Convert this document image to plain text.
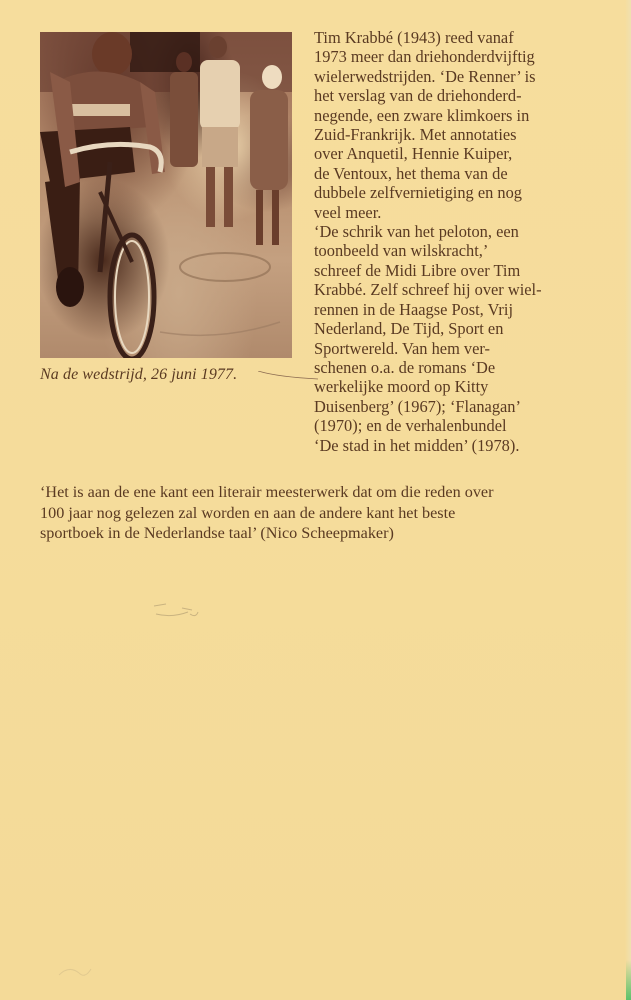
Na de wedstrijd, 26 juni 1977.
Tim Krabbé (1943) reed vanaf
1973 meer dan driehonderdvijftig
wielerwedstrijden. ‘De Renner’ is
het verslag van de driehonderd-
negende, een zware klimkoers in
Zuid-Frankrijk. Met annotaties
over Anquetil, Hennie Kuiper,
de Ventoux, het thema van de
dubbele zelfvernietiging en nog
veel meer.
‘De schrik van het peloton, een
toonbeeld van wilskracht,’
schreef de Midi Libre over Tim
Krabbé. Zelf schreef hij over wiel-
rennen in de Haagse Post, Vrij
Nederland, De Tijd, Sport en
Sportwereld. Van hem ver-
schenen o.a. de romans ‘De
werkelijke moord op Kitty
Duisenberg’ (1967); ‘Flanagan’
(1970); en de verhalenbundel
‘De stad in het midden’ (1978).
‘Het is aan de ene kant een literair meesterwerk dat om die reden over
100 jaar nog gelezen zal worden en aan de andere kant het beste
sportboek in de Nederlandse taal’ (Nico Scheepmaker)
